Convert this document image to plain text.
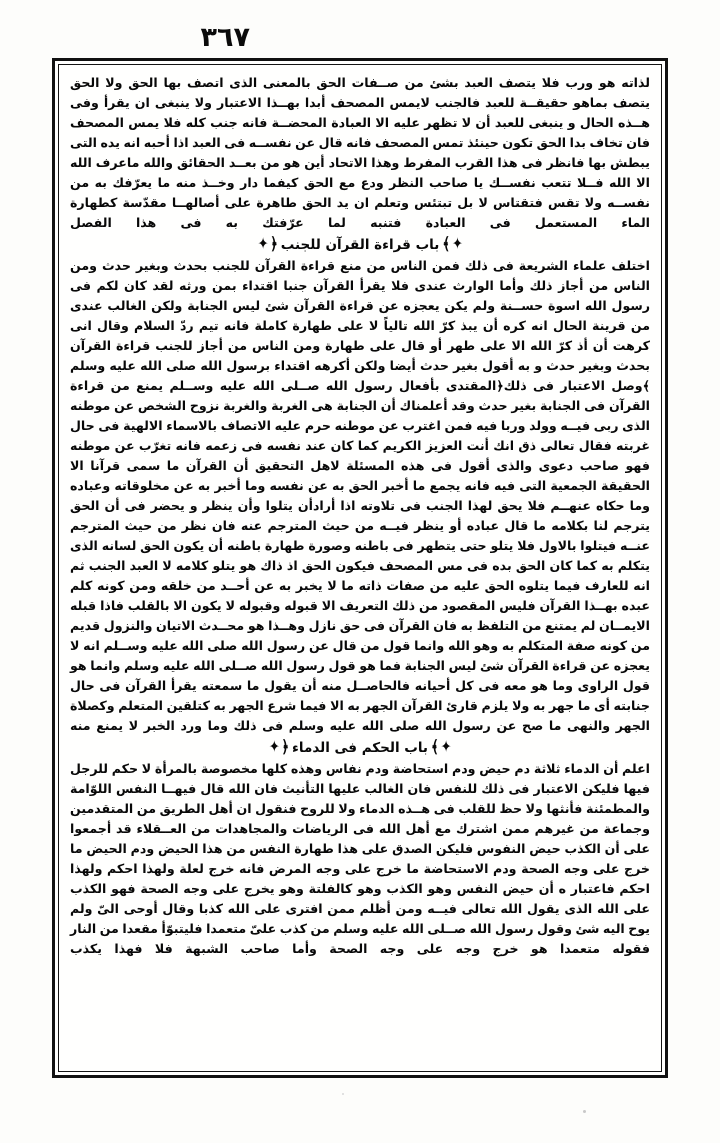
٣٦٧

لذاته هو ورب فلا يتصف العبد بشئ من صــفات الحق بالمعنى الذى اتصف بها الحق ولا الحق يتصف بماهو حقيقــة للعبد فالجنب لايمس المصحف أبدا بهــذا الاعتبار ولا ينبغى ان يقرأ وفى هــذه الحال و ينبغى للعبد أن لا تظهر عليه الا العبادة المحضــة فانه جنب كله فلا يمس المصحف فان تخاف بدا الحق تكون حينئذ تمس المصحف فانه قال عن نفســه فى العبد اذا أحبه انه يده التى يبطش بها فانظر فى هذا القرب المفرط وهذا الاتحاد أين هو من بعــد الحقائق والله ماعرف الله الا الله فــلا تتعب نفســك يا صاحب النظر ودع مع الحق كيفما دار وخــذ منه ما يعرّفك به من نفســه ولا تقس فتقتاس لا بل تبتئس وتعلم ان يد الحق طاهرة على أصالهــا مقدّسة كطهارة الماء المستعمل فى العبادة فتنبه لما عرّفتك به فى هذا الفصل

✦﴾باب قراءة القرآن للجنب﴿✦

اختلف علماء الشريعة فى ذلك فمن الناس من منع قراءة القرآن للجنب بحدث وبغير حدث ومن الناس من أجاز ذلك وأما الوارث عندى فلا يقرأ القرآن جنبا اقتداء بمن ورثه لقد كان لكم فى رسول الله اسوة حســنة ولم يكن يعجزه عن قراءة القرآن شئ ليس الجنابة ولكن الغالب عندى من قرينة الحال انه كره أن يبذ كرّ الله تالياً لا على طهارة كاملة فانه تيم ردّ السلام وقال انى كرهت أن أذ كرّ الله الا على طهر أو قال على طهارة ومن الناس من أجاز للجنب قراءة القرآن بحدث وبغير حدث و به أقول بغير حدث أيضا ولكن أكرهه اقتداء برسول الله صلى الله عليه وسلم

﴾وصل الاعتبار فى ذلك﴿المقتدى بأفعال رسول الله صــلى الله عليه وســلم يمنع من قراءة القرآن فى الجنابة بغير حدث وقد أعلمناك أن الجنابة هى الغربة والغربة نزوح الشخص عن موطنه الذى ربى فيــه وولد وربا فيه فمن اغترب عن موطنه حرم عليه الاتصاف بالاسماء الالهية فى حال غربته فقال تعالى ذق انك أنت العزيز الكريم كما كان عند نفسه فى زعمه فانه تغرّب عن موطنه فهو صاحب دعوى والذى أقول فى هذه المسئلة لاهل التحقيق أن القرآن ما سمى قرآنا الا الحقيقة الجمعية التى فيه فانه يجمع ما أخبر الحق به عن نفسه وما أخبر به عن مخلوقاته وعباده وما حكاه عنهــم فلا يحق لهذا الجنب فى تلاوته اذا أرادأن يتلوا وأن ينظر و يحضر فى أن الحق يترجم لنا بكلامه ما قال عباده أو ينظر فيــه من حيث المترجم عنه فان نظر من حيث المترجم عنــه فيتلوا بالاول فلا يتلو حتى يتطهر فى باطنه وصورة طهارة باطنه أن يكون الحق لسانه الذى يتكلم به كما كان الحق بده فى مس المصحف فيكون الحق اذ ذاك هو يتلو كلامه لا العبد الجنب ثم انه للعارف فيما يتلوه الحق عليه من صفات ذاته ما لا يخبر به عن أحــد من خلقه ومن كونه كلم عبده بهــذا القرآن فليس المقصود من ذلك التعريف الا قبوله وقبوله لا يكون الا بالقلب فاذا قبله الايمــان لم يمتنع من التلفظ به فان القرآن فى حق نازل وهــذا هو محــدث الاتيان والنزول قديم من كونه صفة المتكلم به وهو الله وانما قول من قال عن رسول الله صلى الله عليه وســلم انه لا يعجزه عن قراءة القرآن شئ ليس الجنابة فما هو قول رسول الله صــلى الله عليه وسلم وانما هو قول الراوى وما هو معه فى كل أحيانه فالحاصــل منه أن يقول ما سمعته يقرأ القرآن فى حال جنابته أى ما جهر به ولا يلزم قارئ القرآن الجهر به الا فيما شرع الجهر به كتلقين المتعلم وكصلاة الجهر والنهى ما صح عن رسول الله صلى الله عليه وسلم فى ذلك وما ورد الخبر لا يمنع منه

✦﴾باب الحكم فى الدماء﴿✦

اعلم أن الدماء ثلاثة دم حيض ودم استحاضة ودم نفاس وهذه كلها مخصوصة بالمرأة لا حكم للرجل فيها فليكن الاعتبار فى ذلك للنفس فان الغالب عليها التأنيث فان الله قال فيهــا النفس اللوّامة والمطمئنة فأنثها ولا حظ للقلب فى هــذه الدماء ولا للروح فنقول ان أهل الطريق من المتقدمين وجماعة من غيرهم ممن اشترك مع أهل الله فى الرياضات والمجاهدات من العــقلاء قد أجمعوا على أن الكذب حيض النفوس فليكن الصدق على هذا طهارة النفس من هذا الحيض ودم الحيض ما خرج على وجه الصحة ودم الاستحاضة ما خرج على وجه المرض فانه خرج لعلة ولهذا احكم ولهذا احكم فاعتبار ه أن حيض النفس وهو الكذب وهو كالفلتة وهو يخرج على وجه الصحة فهو الكذب على الله الذى يقول الله تعالى فيــه ومن أظلم ممن افترى على الله كذبا وقال أوحى الىّ ولم يوح اليه شئ وقول رسول الله صــلى الله عليه وسلم من كذب علىّ متعمدا فليتبوّأ مقعدا من النار فقوله متعمدا هو خرج وجه على وجه الصحة وأما صاحب الشبهة فلا فهذا يكذب
